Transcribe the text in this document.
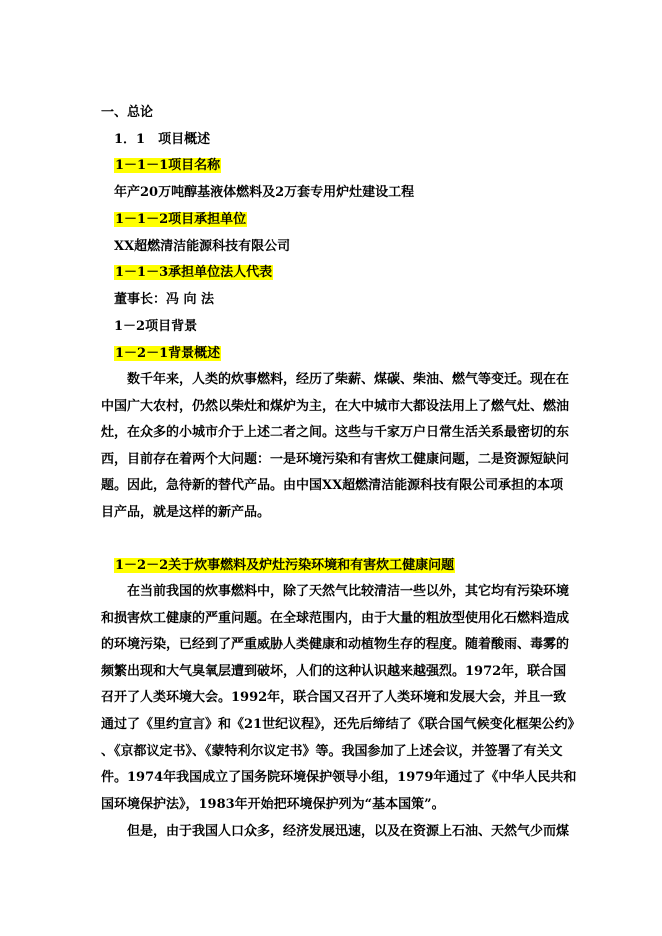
一、总论
1．1　项目概述
1－1－1项目名称
年产20万吨醇基液体燃料及2万套专用炉灶建设工程
1－1－2项目承担单位
XX超燃清洁能源科技有限公司
1－1－3承担单位法人代表
董事长：冯 向 法
1－2项目背景
1－2－1背景概述
数千年来，人类的炊事燃料，经历了柴薪、煤碳、柴油、燃气等变迁。现在在
中国广大农村，仍然以柴灶和煤炉为主，在大中城市大都设法用上了燃气灶、燃油
灶，在众多的小城市介于上述二者之间。这些与千家万户日常生活关系最密切的东
西，目前存在着两个大问题：一是环境污染和有害炊工健康问题，二是资源短缺问
题。因此，急待新的替代产品。由中国XX超燃清洁能源科技有限公司承担的本项
目产品，就是这样的新产品。
1－2－2关于炊事燃料及炉灶污染环境和有害炊工健康问题
在当前我国的炊事燃料中，除了天然气比较清洁一些以外，其它均有污染环境
和损害炊工健康的严重问题。在全球范围内，由于大量的粗放型使用化石燃料造成
的环境污染，已经到了严重威胁人类健康和动植物生存的程度。随着酸雨、毒雾的
频繁出现和大气臭氧层遭到破坏，人们的这种认识越来越强烈。1972年，联合国
召开了人类环境大会。1992年，联合国又召开了人类环境和发展大会，并且一致
通过了《里约宣言》和《21世纪议程》，还先后缔结了《联合国气候变化框架公约》
、《京都议定书》、《蒙特利尔议定书》等。我国参加了上述会议，并签署了有关文
件。1974年我国成立了国务院环境保护领导小组，1979年通过了《中华人民共和
国环境保护法》，1983年开始把环境保护列为“基本国策”。
但是，由于我国人口众多，经济发展迅速，以及在资源上石油、天然气少而煤
